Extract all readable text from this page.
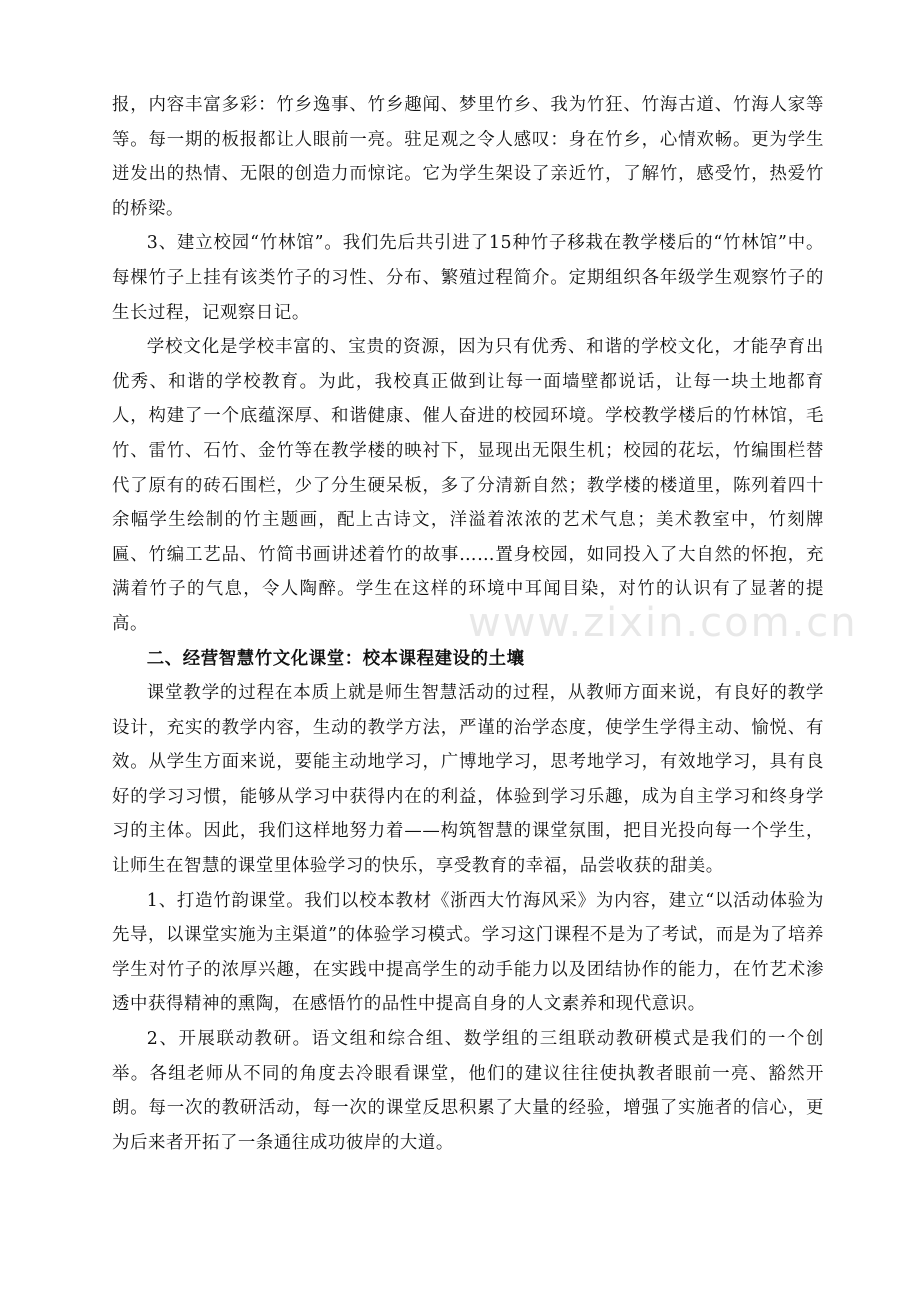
报，内容丰富多彩：竹乡逸事、竹乡趣闻、梦里竹乡、我为竹狂、竹海古道、竹海人家等等。每一期的板报都让人眼前一亮。驻足观之令人感叹：身在竹乡，心情欢畅。更为学生迸发出的热情、无限的创造力而惊诧。它为学生架设了亲近竹，了解竹，感受竹，热爱竹的桥梁。

3、建立校园“竹林馆”。我们先后共引进了15种竹子移栽在教学楼后的“竹林馆”中。每棵竹子上挂有该类竹子的习性、分布、繁殖过程简介。定期组织各年级学生观察竹子的生长过程，记观察日记。

学校文化是学校丰富的、宝贵的资源，因为只有优秀、和谐的学校文化，才能孕育出优秀、和谐的学校教育。为此，我校真正做到让每一面墙壁都说话，让每一块土地都育人，构建了一个底蕴深厚、和谐健康、催人奋进的校园环境。学校教学楼后的竹林馆，毛竹、雷竹、石竹、金竹等在教学楼的映衬下，显现出无限生机；校园的花坛，竹编围栏替代了原有的砖石围栏，少了分生硬呆板，多了分清新自然；教学楼的楼道里，陈列着四十余幅学生绘制的竹主题画，配上古诗文，洋溢着浓浓的艺术气息；美术教室中，竹刻牌匾、竹编工艺品、竹简书画讲述着竹的故事……置身校园，如同投入了大自然的怀抱，充满着竹子的气息，令人陶醉。学生在这样的环境中耳闻目染，对竹的认识有了显著的提高。

二、经营智慧竹文化课堂：校本课程建设的土壤

课堂教学的过程在本质上就是师生智慧活动的过程，从教师方面来说，有良好的教学设计，充实的教学内容，生动的教学方法，严谨的治学态度，使学生学得主动、愉悦、有效。从学生方面来说，要能主动地学习，广博地学习，思考地学习，有效地学习，具有良好的学习习惯，能够从学习中获得内在的利益，体验到学习乐趣，成为自主学习和终身学习的主体。因此，我们这样地努力着——构筑智慧的课堂氛围，把目光投向每一个学生，让师生在智慧的课堂里体验学习的快乐，享受教育的幸福，品尝收获的甜美。

1、打造竹韵课堂。我们以校本教材《浙西大竹海风采》为内容，建立“以活动体验为先导，以课堂实施为主渠道”的体验学习模式。学习这门课程不是为了考试，而是为了培养学生对竹子的浓厚兴趣，在实践中提高学生的动手能力以及团结协作的能力，在竹艺术渗透中获得精神的熏陶，在感悟竹的品性中提高自身的人文素养和现代意识。

2、开展联动教研。语文组和综合组、数学组的三组联动教研模式是我们的一个创举。各组老师从不同的角度去冷眼看课堂，他们的建议往往使执教者眼前一亮、豁然开朗。每一次的教研活动，每一次的课堂反思积累了大量的经验，增强了实施者的信心，更为后来者开拓了一条通往成功彼岸的大道。

www.zixin.com.cn
